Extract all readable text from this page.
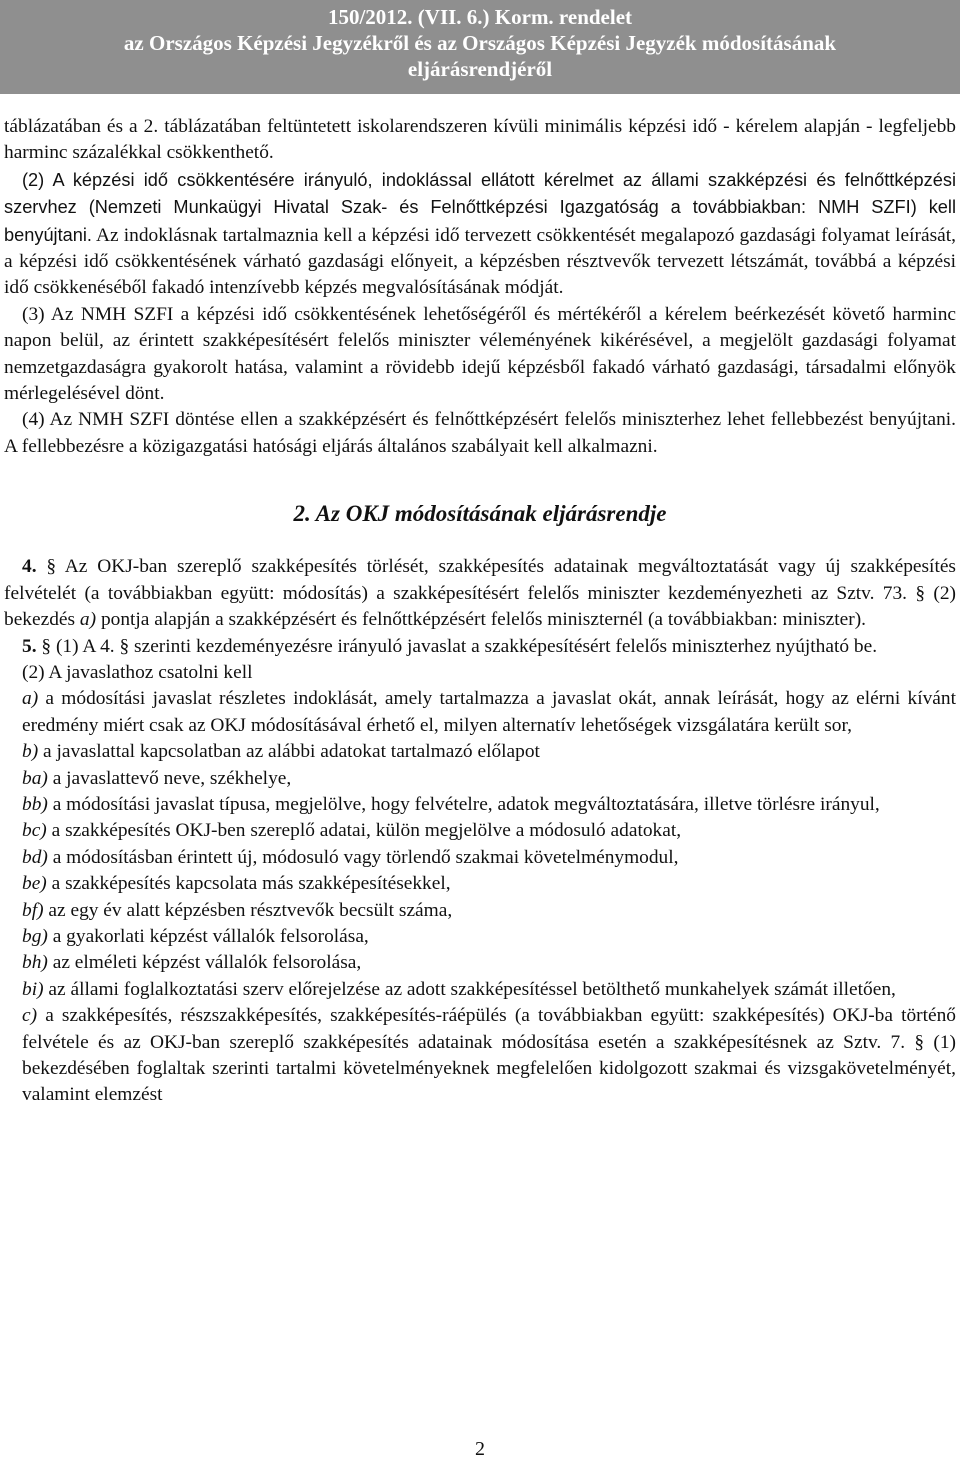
150/2012. (VII. 6.) Korm. rendelet
az Országos Képzési Jegyzékről és az Országos Képzési Jegyzék módosításának
eljárásrendjéről

táblázatában és a 2. táblázatában feltüntetett iskolarendszeren kívüli minimális képzési idő - kérelem alapján - legfeljebb harminc százalékkal csökkenthető.

(2) A képzési idő csökkentésére irányuló, indoklással ellátott kérelmet az állami szakképzési és felnőttképzési szervhez (Nemzeti Munkaügyi Hivatal Szak- és Felnőttképzési Igazgatóság a továbbiakban: NMH SZFI) kell benyújtani. Az indoklásnak tartalmaznia kell a képzési idő tervezett csökkentését megalapozó gazdasági folyamat leírását, a képzési idő csökkentésének várható gazdasági előnyeit, a képzésben résztvevők tervezett létszámát, továbbá a képzési idő csökkenéséből fakadó intenzívebb képzés megvalósításának módját.

(3) Az NMH SZFI a képzési idő csökkentésének lehetőségéről és mértékéről a kérelem beérkezését követő harminc napon belül, az érintett szakképesítésért felelős miniszter véleményének kikérésével, a megjelölt gazdasági folyamat nemzetgazdaságra gyakorolt hatása, valamint a rövidebb idejű képzésből fakadó várható gazdasági, társadalmi előnyök mérlegelésével dönt.

(4) Az NMH SZFI döntése ellen a szakképzésért és felnőttképzésért felelős miniszterhez lehet fellebbezést benyújtani. A fellebbezésre a közigazgatási hatósági eljárás általános szabályait kell alkalmazni.

2. Az OKJ módosításának eljárásrendje

4. § Az OKJ-ban szereplő szakképesítés törlését, szakképesítés adatainak megváltoztatását vagy új szakképesítés felvételét (a továbbiakban együtt: módosítás) a szakképesítésért felelős miniszter kezdeményezheti az Sztv. 73. § (2) bekezdés a) pontja alapján a szakképzésért és felnőttképzésért felelős miniszternél (a továbbiakban: miniszter).

5. § (1) A 4. § szerinti kezdeményezésre irányuló javaslat a szakképesítésért felelős miniszterhez nyújtható be.

(2) A javaslathoz csatolni kell

a) a módosítási javaslat részletes indoklását, amely tartalmazza a javaslat okát, annak leírását, hogy az elérni kívánt eredmény miért csak az OKJ módosításával érhető el, milyen alternatív lehetőségek vizsgálatára került sor,

b) a javaslattal kapcsolatban az alábbi adatokat tartalmazó előlapot

ba) a javaslattevő neve, székhelye,

bb) a módosítási javaslat típusa, megjelölve, hogy felvételre, adatok megváltoztatására, illetve törlésre irányul,

bc) a szakképesítés OKJ-ben szereplő adatai, külön megjelölve a módosuló adatokat,

bd) a módosításban érintett új, módosuló vagy törlendő szakmai követelménymodul,

be) a szakképesítés kapcsolata más szakképesítésekkel,

bf) az egy év alatt képzésben résztvevők becsült száma,

bg) a gyakorlati képzést vállalók felsorolása,

bh) az elméleti képzést vállalók felsorolása,

bi) az állami foglalkoztatási szerv előrejelzése az adott szakképesítéssel betölthető munkahelyek számát illetően,

c) a szakképesítés, részszakképesítés, szakképesítés-ráépülés (a továbbiakban együtt: szakképesítés) OKJ-ba történő felvétele és az OKJ-ban szereplő szakképesítés adatainak módosítása esetén a szakképesítésnek az Sztv. 7. § (1) bekezdésében foglaltak szerinti tartalmi követelményeknek megfelelően kidolgozott szakmai és vizsgakövetelményét, valamint elemzést

2
